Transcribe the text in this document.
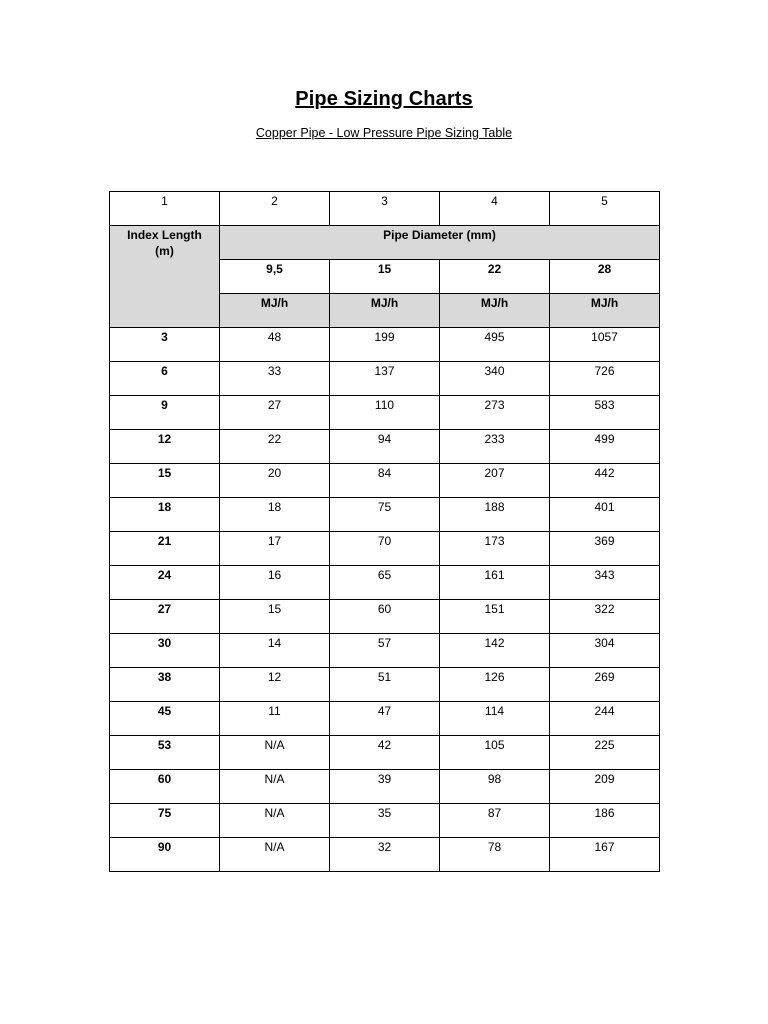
Pipe Sizing Charts
Copper Pipe - Low Pressure Pipe Sizing Table
1	2	3	4	5

Index Length
(m)	Pipe Diameter (mm)			
	9,5	15	22	28
	MJ/h	MJ/h	MJ/h	MJ/h
3	48	199	495	1057
6	33	137	340	726
9	27	110	273	583
12	22	94	233	499
15	20	84	207	442
18	18	75	188	401
21	17	70	173	369
24	16	65	161	343
27	15	60	151	322
30	14	57	142	304
38	12	51	126	269
45	11	47	114	244
53	N/A	42	105	225
60	N/A	39	98	209
75	N/A	35	87	186
90	N/A	32	78	167
